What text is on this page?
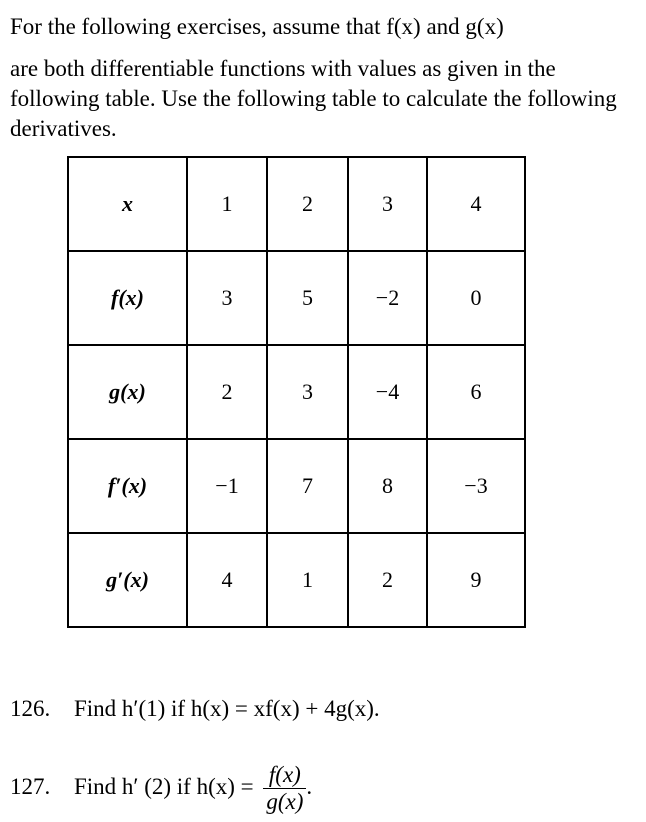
For the following exercises, assume that f(x) and g(x)
are both differentiable functions with values as given in the following table. Use the following table to calculate the following derivatives.
x	1	2	3	4
f(x)	3	5	−2	0
g(x)	2	3	−4	6
f′(x)	−1	7	8	−3
g′(x)	4	1	2	9

126. Find h′(1) if h(x) = xf(x) + 4g(x).

127. Find h′ (2) if $h(x) = \frac{f(x)}{g(x)}$ .
